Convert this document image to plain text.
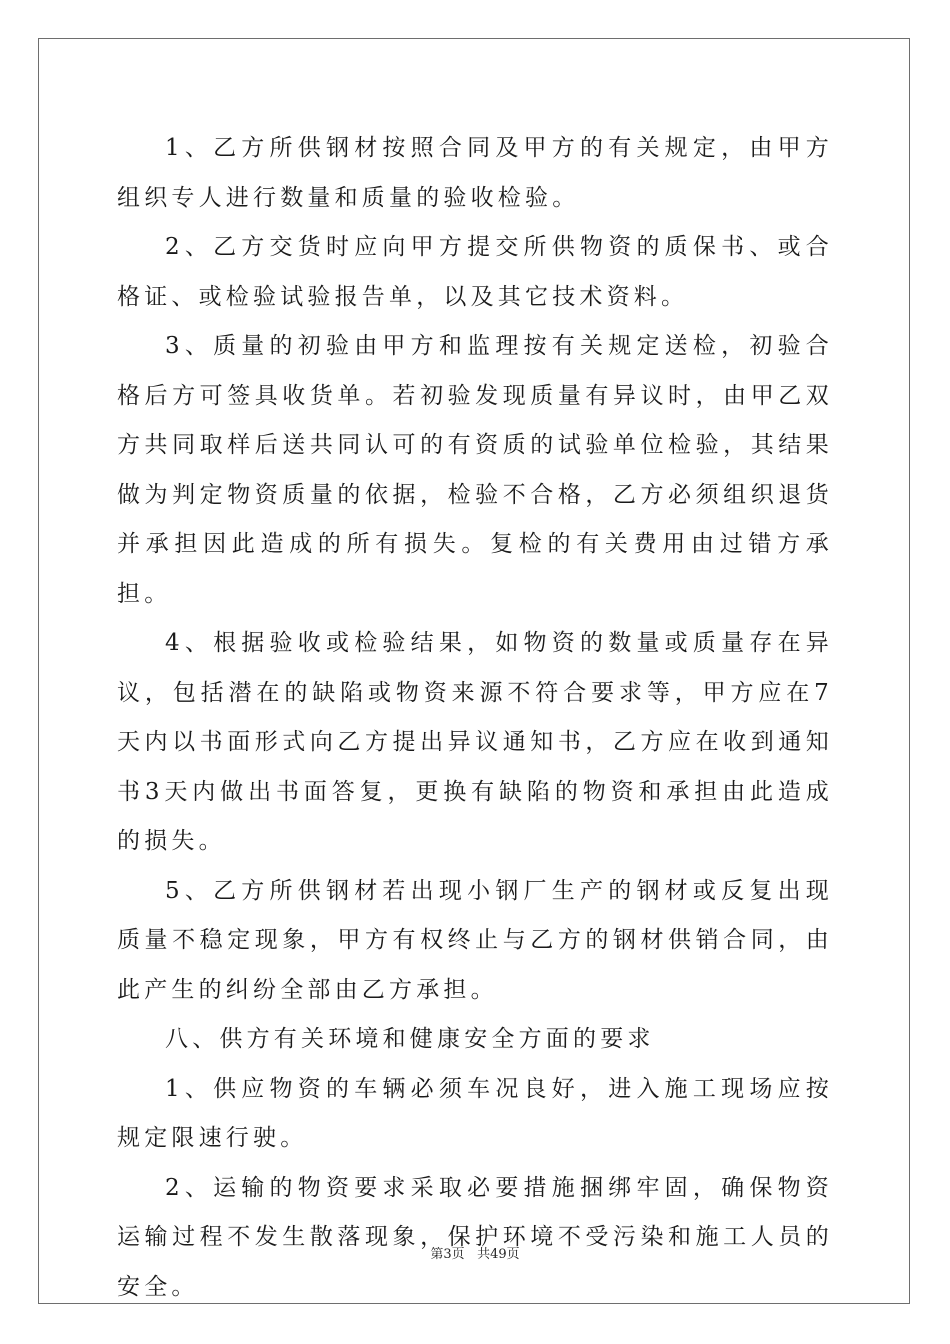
1、乙方所供钢材按照合同及甲方的有关规定，由甲方组织专人进行数量和质量的验收检验。

2、乙方交货时应向甲方提交所供物资的质保书、或合格证、或检验试验报告单，以及其它技术资料。

3、质量的初验由甲方和监理按有关规定送检，初验合格后方可签具收货单。若初验发现质量有异议时，由甲乙双方共同取样后送共同认可的有资质的试验单位检验，其结果做为判定物资质量的依据，检验不合格，乙方必须组织退货并承担因此造成的所有损失。复检的有关费用由过错方承担。

4、根据验收或检验结果，如物资的数量或质量存在异议，包括潜在的缺陷或物资来源不符合要求等，甲方应在7天内以书面形式向乙方提出异议通知书，乙方应在收到通知书3天内做出书面答复，更换有缺陷的物资和承担由此造成的损失。

5、乙方所供钢材若出现小钢厂生产的钢材或反复出现质量不稳定现象，甲方有权终止与乙方的钢材供销合同，由此产生的纠纷全部由乙方承担。

八、供方有关环境和健康安全方面的要求

1、供应物资的车辆必须车况良好，进入施工现场应按规定限速行驶。

2、运输的物资要求采取必要措施捆绑牢固，确保物资运输过程不发生散落现象，保护环境不受污染和施工人员的安全。

第3页 共49页
